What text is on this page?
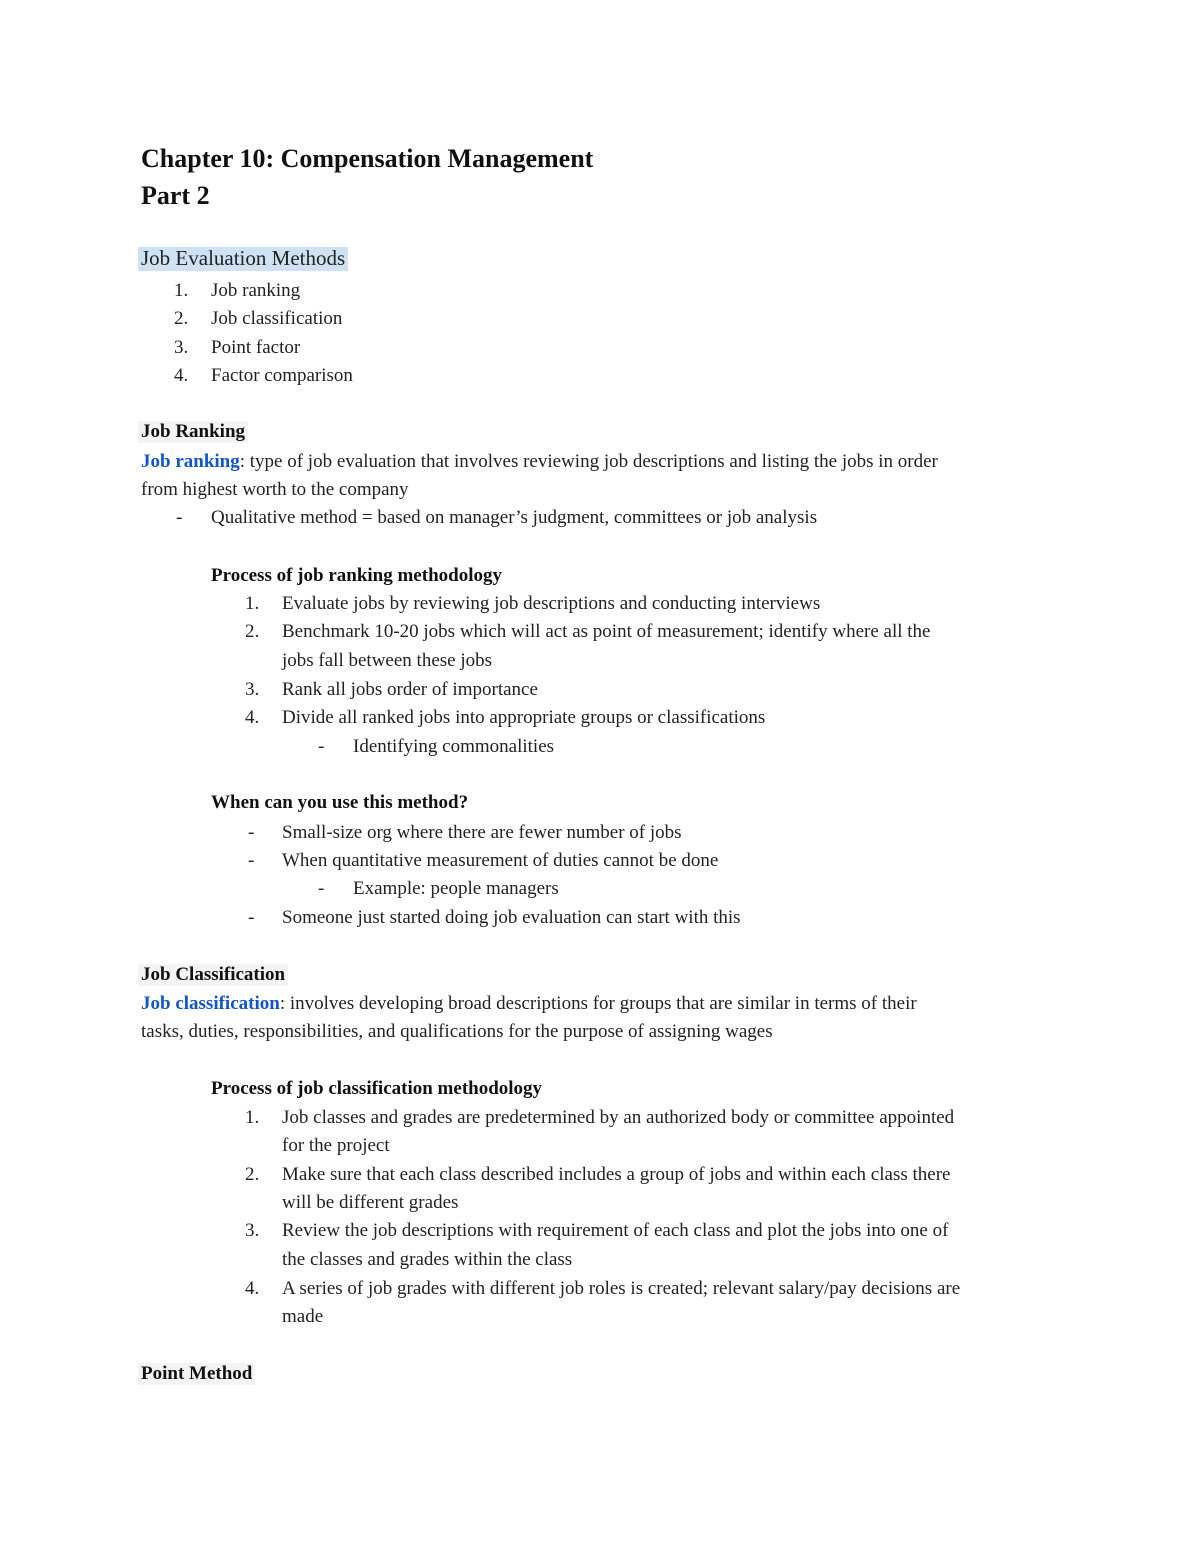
Chapter 10: Compensation Management
Part 2
Job Evaluation Methods
1. Job ranking
2. Job classification
3. Point factor
4. Factor comparison
Job Ranking
Job ranking: type of job evaluation that involves reviewing job descriptions and listing the jobs in order
from highest worth to the company
- Qualitative method = based on manager’s judgment, committees or job analysis
Process of job ranking methodology
1. Evaluate jobs by reviewing job descriptions and conducting interviews
2. Benchmark 10-20 jobs which will act as point of measurement; identify where all the
jobs fall between these jobs
3. Rank all jobs order of importance
4. Divide all ranked jobs into appropriate groups or classifications
- Identifying commonalities
When can you use this method?
- Small-size org where there are fewer number of jobs
- When quantitative measurement of duties cannot be done
- Example: people managers
- Someone just started doing job evaluation can start with this
Job Classification
Job classification: involves developing broad descriptions for groups that are similar in terms of their
tasks, duties, responsibilities, and qualifications for the purpose of assigning wages
Process of job classification methodology
1. Job classes and grades are predetermined by an authorized body or committee appointed
for the project
2. Make sure that each class described includes a group of jobs and within each class there
will be different grades
3. Review the job descriptions with requirement of each class and plot the jobs into one of
the classes and grades within the class
4. A series of job grades with different job roles is created; relevant salary/pay decisions are
made
Point Method
